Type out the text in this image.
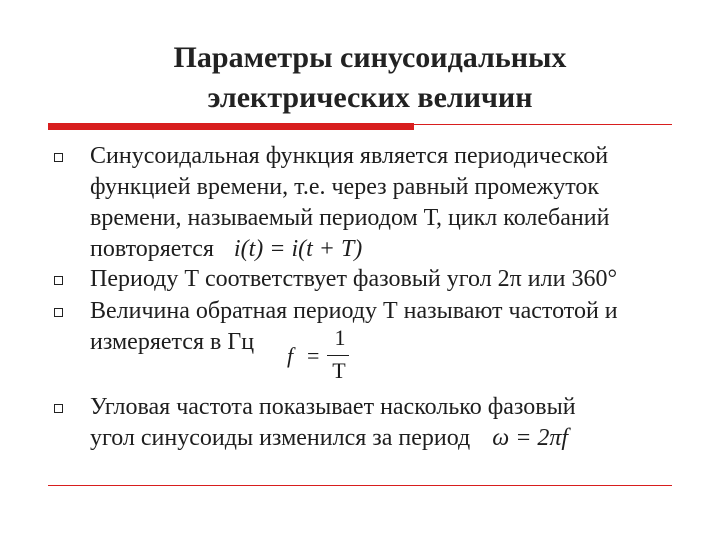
Параметры синусоидальных
электрических величин
Синусоидальная функция является периодической
функцией времени, т.е. через равный промежуток
времени, называемый периодом Т, цикл колебаний
повторяется i(t) = i(t + T)
Периоду Т соответствует фазовый угол 2π или 360°
Величина обратная периоду Т называют частотой и
измеряется в Гц
f =
1
T
Угловая частота показывает насколько фазовый
угол синусоиды изменился за период ω = 2πf
